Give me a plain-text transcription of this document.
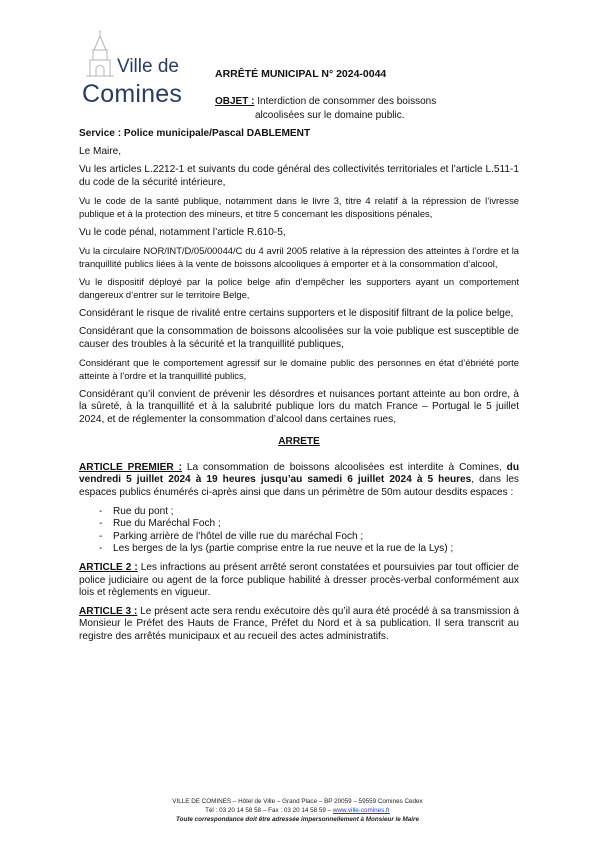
Ville de
Comines
ARRÊTÉ MUNICIPAL N° 2024-0044
OBJET : Interdiction de consommer des boissons
alcoolisées sur le domaine public.

Service : Police municipale/Pascal DABLEMENT

Le Maire,

Vu les articles L.2212-1 et suivants du code général des collectivités territoriales et l’article L.511-1 du code de la sécurité intérieure,

Vu le code de la santé publique, notamment dans le livre 3, titre 4 relatif à la répression de l’ivresse publique et à la protection des mineurs, et titre 5 concernant les dispositions pénales,

Vu le code pénal, notamment l’article R.610-5,

Vu la circulaire NOR/INT/D/05/00044/C du 4 avril 2005 relative à la répression des atteintes à l’ordre et la tranquillité publics liées à la vente de boissons alcooliques à emporter et à la consommation d’alcool,

Vu le dispositif déployé par la police belge afin d’empêcher les supporters ayant un comportement dangereux d’entrer sur le territoire Belge,

Considérant le risque de rivalité entre certains supporters et le dispositif filtrant de la police belge,

Considérant que la consommation de boissons alcoolisées sur la voie publique est susceptible de causer des troubles à la sécurité et la tranquillité publiques,

Considérant que le comportement agressif sur le domaine public des personnes en état d’ébriété porte atteinte à l’ordre et la tranquillité publics,

Considérant qu’il convient de prévenir les désordres et nuisances portant atteinte au bon ordre, à la sûreté, à la tranquillité et à la salubrité publique lors du match France – Portugal le 5 juillet 2024, et de réglementer la consommation d’alcool dans certaines rues,

ARRETE

ARTICLE PREMIER : La consommation de boissons alcoolisées est interdite à Comines, du vendredi 5 juillet 2024 à 19 heures jusqu’au samedi 6 juillet 2024 à 5 heures, dans les espaces publics énumérés ci-après ainsi que dans un périmètre de 50m autour desdits espaces :

- Rue du pont ;
- Rue du Maréchal Foch ;
- Parking arrière de l’hôtel de ville rue du maréchal Foch ;
- Les berges de la lys (partie comprise entre la rue neuve et la rue de la Lys) ;

ARTICLE 2 : Les infractions au présent arrêté seront constatées et poursuivies par tout officier de police judiciaire ou agent de la force publique habilité à dresser procès-verbal conformément aux lois et règlements en vigueur.

ARTICLE 3 : Le présent acte sera rendu exécutoire dès qu’il aura été procédé à sa transmission à Monsieur le Préfet des Hauts de France, Préfet du Nord et à sa publication. Il sera transcrit au registre des arrêtés municipaux et au recueil des actes administratifs.

VILLE DE COMINES – Hôtel de Ville – Grand Place – BP 20059 – 59559 Comines Cedex
Tél : 03 20 14 58 58 – Fax : 03 20 14 58 59 – www.ville-comines.fr
Toute correspondance doit être adressée impersonnellement à Monsieur le Maire
